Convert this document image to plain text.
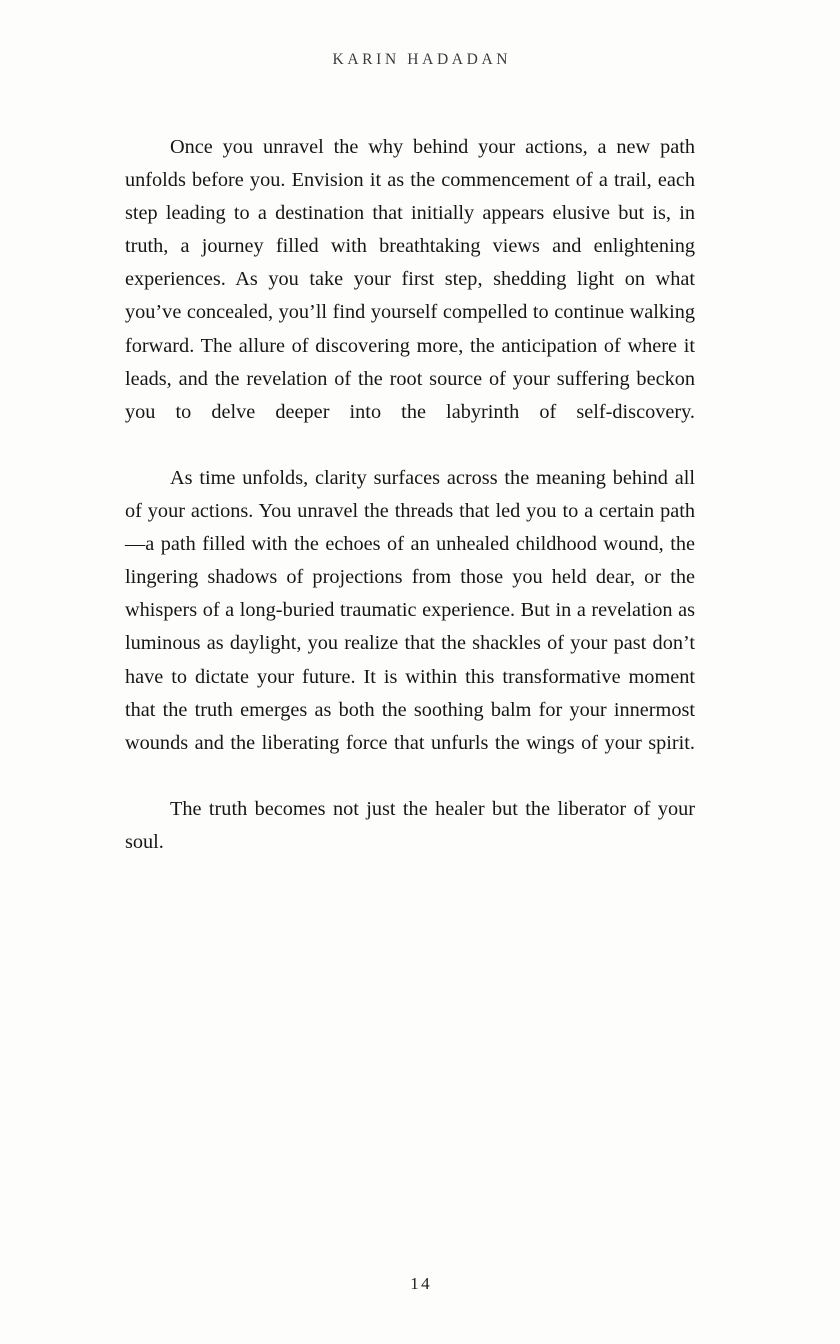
KARIN HADADAN

Once you unravel the why behind your actions, a new path unfolds before you. Envision it as the commencement of a trail, each step leading to a destination that initially appears elusive but is, in truth, a journey filled with breathtaking views and enlightening experiences. As you take your first step, shedding light on what you’ve concealed, you’ll find yourself compelled to continue walking forward. The allure of discovering more, the anticipation of where it leads, and the revelation of the root source of your suffering beckon you to delve deeper into the labyrinth of self-discovery.

As time unfolds, clarity surfaces across the meaning behind all of your actions. You unravel the threads that led you to a certain path—a path filled with the echoes of an unhealed childhood wound, the lingering shadows of projections from those you held dear, or the whispers of a long-buried traumatic experience. But in a revelation as luminous as daylight, you realize that the shackles of your past don’t have to dictate your future. It is within this transformative moment that the truth emerges as both the soothing balm for your innermost wounds and the liberating force that unfurls the wings of your spirit.

The truth becomes not just the healer but the liberator of your soul.

14
